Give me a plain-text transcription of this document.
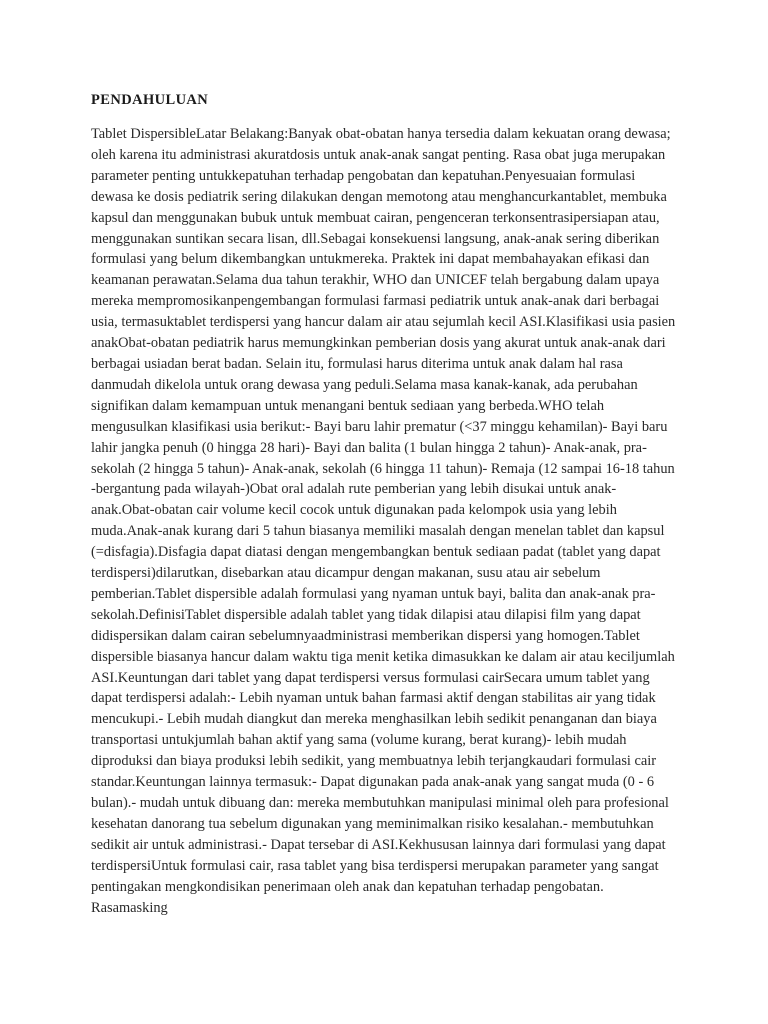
PENDAHULUAN

Tablet DispersibleLatar Belakang:Banyak obat-obatan hanya tersedia dalam kekuatan orang dewasa; oleh karena itu administrasi akuratdosis untuk anak-anak sangat penting. Rasa obat juga merupakan parameter penting untukkepatuhan terhadap pengobatan dan kepatuhan.Penyesuaian formulasi dewasa ke dosis pediatrik sering dilakukan dengan memotong atau menghancurkantablet, membuka kapsul dan menggunakan bubuk untuk membuat cairan, pengenceran terkonsentrasipersiapan atau, menggunakan suntikan secara lisan, dll.Sebagai konsekuensi langsung, anak-anak sering diberikan formulasi yang belum dikembangkan untukmereka. Praktek ini dapat membahayakan efikasi dan keamanan perawatan.Selama dua tahun terakhir, WHO dan UNICEF telah bergabung dalam upaya mereka mempromosikanpengembangan formulasi farmasi pediatrik untuk anak-anak dari berbagai usia, termasuktablet terdispersi yang hancur dalam air atau sejumlah kecil ASI.Klasifikasi usia pasien anakObat-obatan pediatrik harus memungkinkan pemberian dosis yang akurat untuk anak-anak dari berbagai usiadan berat badan. Selain itu, formulasi harus diterima untuk anak dalam hal rasa danmudah dikelola untuk orang dewasa yang peduli.Selama masa kanak-kanak, ada perubahan signifikan dalam kemampuan untuk menangani bentuk sediaan yang berbeda.WHO telah mengusulkan klasifikasi usia berikut:- Bayi baru lahir prematur (<37 minggu kehamilan)- Bayi baru lahir jangka penuh (0 hingga 28 hari)- Bayi dan balita (1 bulan hingga 2 tahun)- Anak-anak, pra-sekolah (2 hingga 5 tahun)- Anak-anak, sekolah (6 hingga 11 tahun)- Remaja (12 sampai 16-18 tahun -bergantung pada wilayah-)Obat oral adalah rute pemberian yang lebih disukai untuk anak-anak.Obat-obatan cair volume kecil cocok untuk digunakan pada kelompok usia yang lebih muda.Anak-anak kurang dari 5 tahun biasanya memiliki masalah dengan menelan tablet dan kapsul (=disfagia).Disfagia dapat diatasi dengan mengembangkan bentuk sediaan padat (tablet yang dapat terdispersi)dilarutkan, disebarkan atau dicampur dengan makanan, susu atau air sebelum pemberian.Tablet dispersible adalah formulasi yang nyaman untuk bayi, balita dan anak-anak pra-sekolah.DefinisiTablet dispersible adalah tablet yang tidak dilapisi atau dilapisi film yang dapat didispersikan dalam cairan sebelumnyaadministrasi memberikan dispersi yang homogen.Tablet dispersible biasanya hancur dalam waktu tiga menit ketika dimasukkan ke dalam air atau keciljumlah ASI.Keuntungan dari tablet yang dapat terdispersi versus formulasi cairSecara umum tablet yang dapat terdispersi adalah:- Lebih nyaman untuk bahan farmasi aktif dengan stabilitas air yang tidak mencukupi.- Lebih mudah diangkut dan mereka menghasilkan lebih sedikit penanganan dan biaya transportasi untukjumlah bahan aktif yang sama (volume kurang, berat kurang)- lebih mudah diproduksi dan biaya produksi lebih sedikit, yang membuatnya lebih terjangkaudari formulasi cair standar.Keuntungan lainnya termasuk:- Dapat digunakan pada anak-anak yang sangat muda (0 - 6 bulan).- mudah untuk dibuang dan: mereka membutuhkan manipulasi minimal oleh para profesional kesehatan danorang tua sebelum digunakan yang meminimalkan risiko kesalahan.- membutuhkan sedikit air untuk administrasi.- Dapat tersebar di ASI.Kekhususan lainnya dari formulasi yang dapat terdispersiUntuk formulasi cair, rasa tablet yang bisa terdispersi merupakan parameter yang sangat pentingakan mengkondisikan penerimaan oleh anak dan kepatuhan terhadap pengobatan. Rasamasking
